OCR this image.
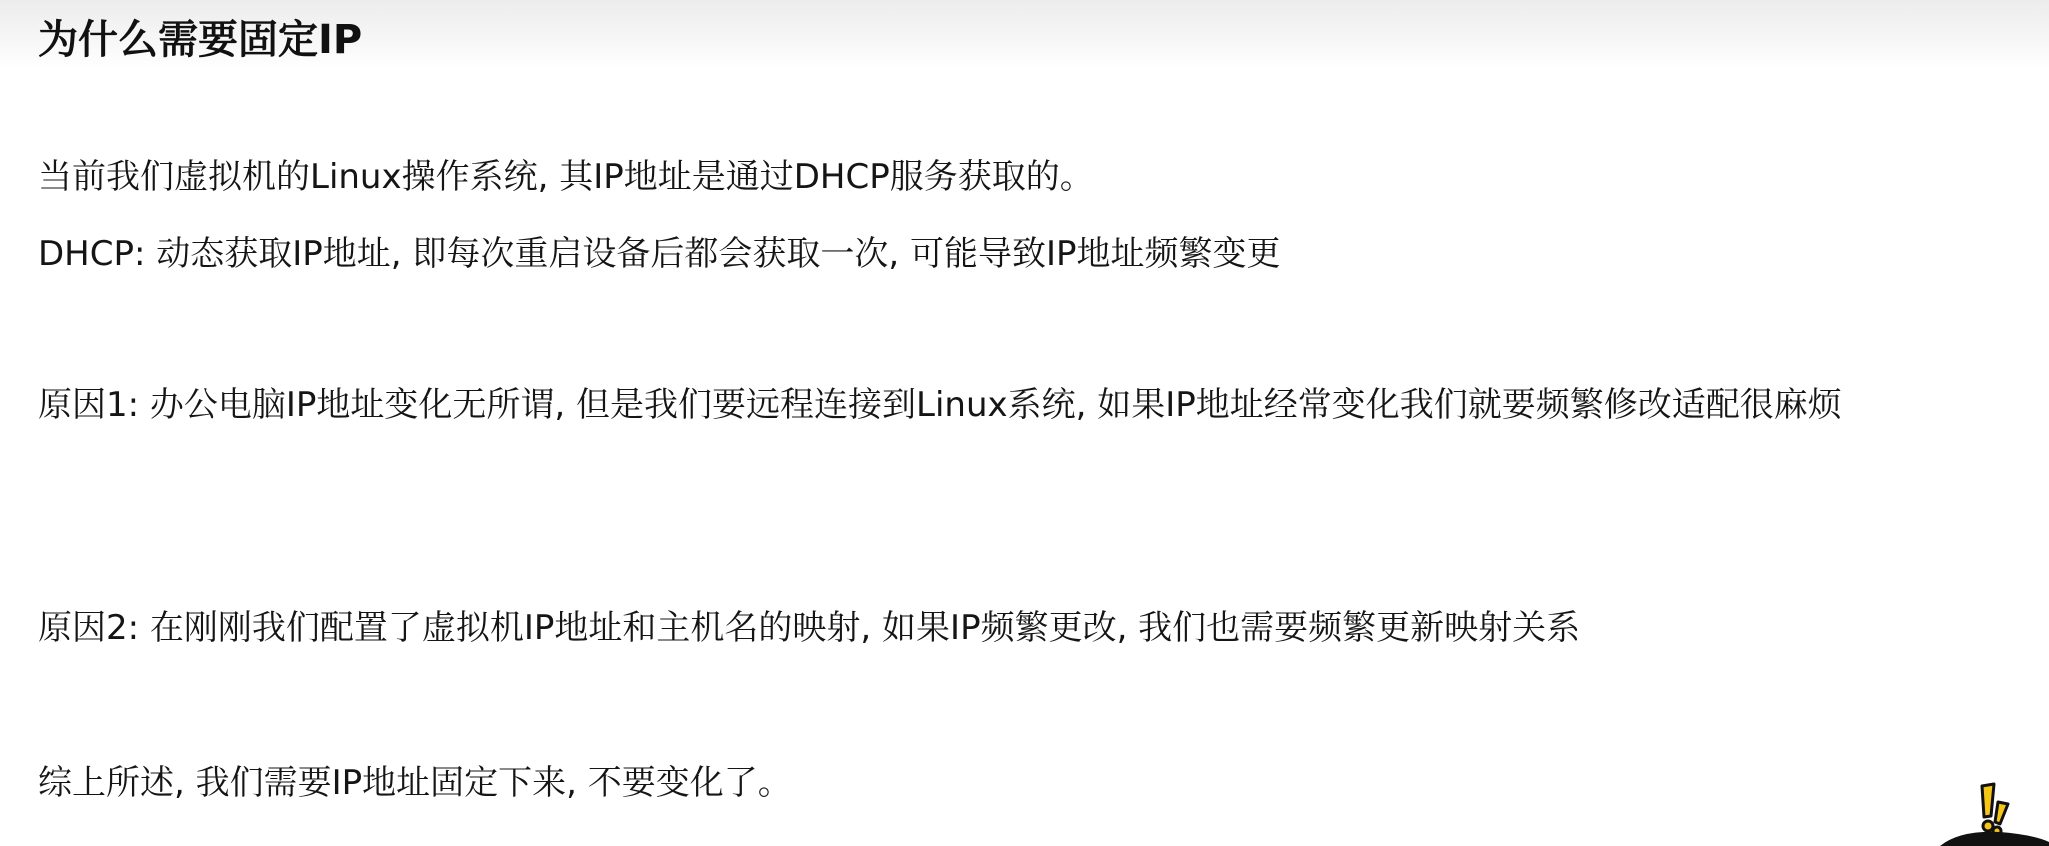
为什么需要固定IP

当前我们虚拟机的Linux操作系统, 其IP地址是通过DHCP服务获取的。

DHCP: 动态获取IP地址, 即每次重启设备后都会获取一次, 可能导致IP地址频繁变更

原因1: 办公电脑IP地址变化无所谓, 但是我们要远程连接到Linux系统, 如果IP地址经常变化我们就要频繁修改适配很麻烦

原因2: 在刚刚我们配置了虚拟机IP地址和主机名的映射, 如果IP频繁更改, 我们也需要频繁更新映射关系

综上所述, 我们需要IP地址固定下来, 不要变化了。
